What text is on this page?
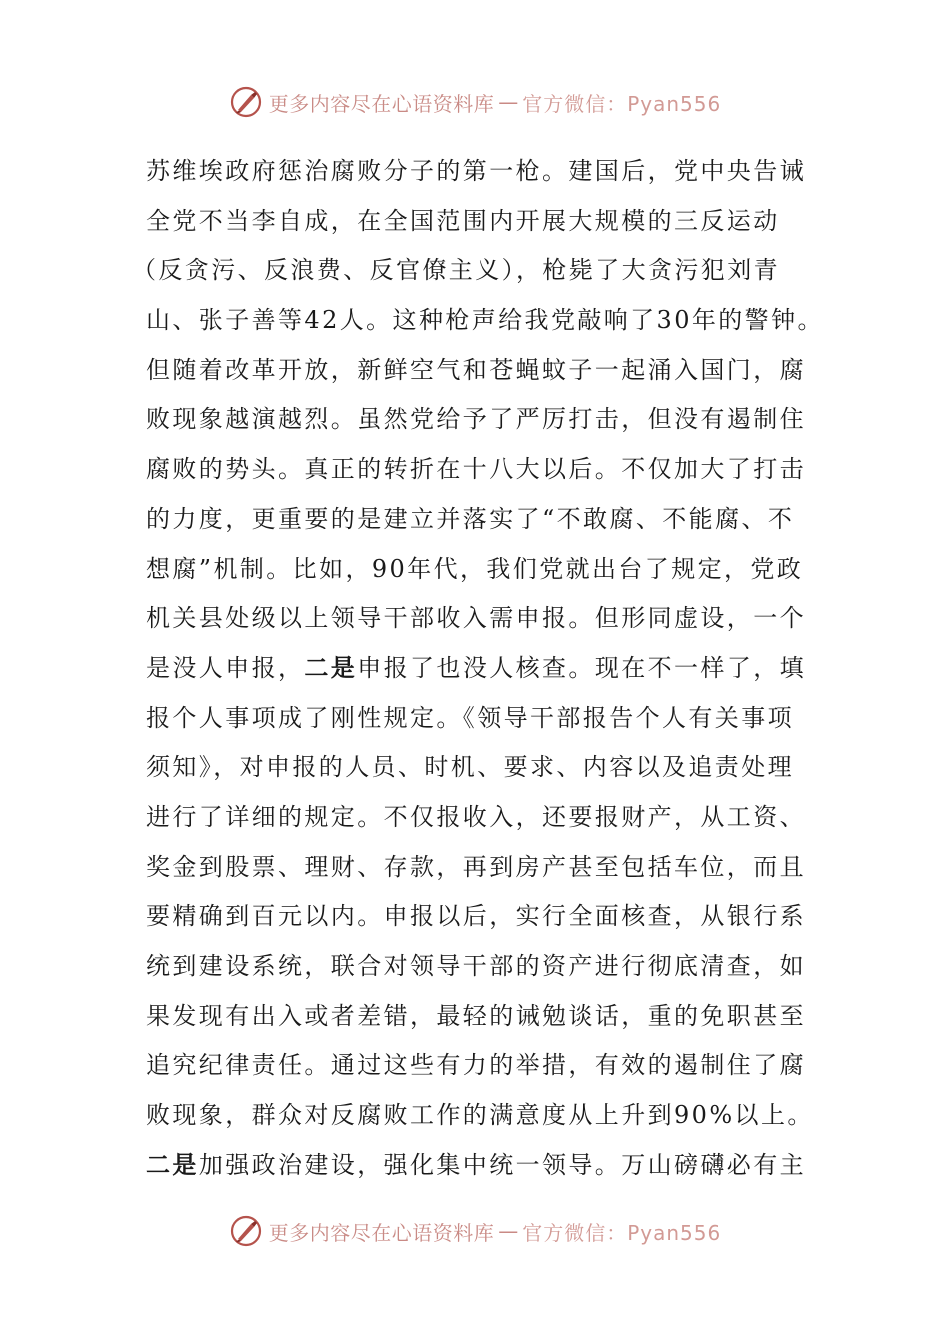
更多内容尽在心语资料库 — 官方微信：Pyan556
苏维埃政府惩治腐败分子的第一枪。建国后，党中央告诫
全党不当李自成，在全国范围内开展大规模的三反运动
（反贪污、反浪费、反官僚主义），枪毙了大贪污犯刘青
山、张子善等42人。这种枪声给我党敲响了30年的警钟。
但随着改革开放，新鲜空气和苍蝇蚊子一起涌入国门，腐
败现象越演越烈。虽然党给予了严厉打击，但没有遏制住
腐败的势头。真正的转折在十八大以后。不仅加大了打击
的力度，更重要的是建立并落实了“不敢腐、不能腐、不
想腐”机制。比如，90年代，我们党就出台了规定，党政
机关县处级以上领导干部收入需申报。但形同虚设，一个
是没人申报，二是申报了也没人核查。现在不一样了，填
报个人事项成了刚性规定。《领导干部报告个人有关事项
须知》，对申报的人员、时机、要求、内容以及追责处理
进行了详细的规定。不仅报收入，还要报财产，从工资、
奖金到股票、理财、存款，再到房产甚至包括车位，而且
要精确到百元以内。申报以后，实行全面核查，从银行系
统到建设系统，联合对领导干部的资产进行彻底清查，如
果发现有出入或者差错，最轻的诫勉谈话，重的免职甚至
追究纪律责任。通过这些有力的举措，有效的遏制住了腐
败现象，群众对反腐败工作的满意度从上升到90%以上。
二是加强政治建设，强化集中统一领导。万山磅礴必有主
更多内容尽在心语资料库 — 官方微信：Pyan556
